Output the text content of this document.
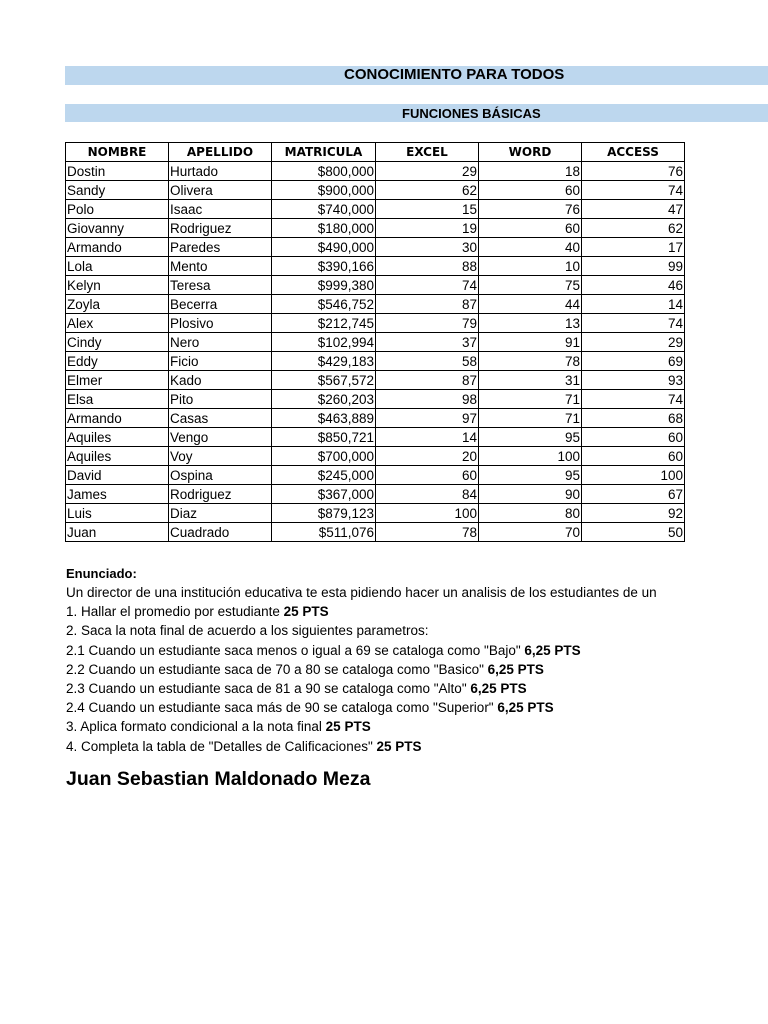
CONOCIMIENTO PARA TODOS
FUNCIONES BÁSICAS
NOMBRE	APELLIDO	MATRICULA	EXCEL	WORD	ACCESS
Dostin	Hurtado	$800,000	29	18	76
Sandy	Olivera	$900,000	62	60	74
Polo	Isaac	$740,000	15	76	47
Giovanny	Rodriguez	$180,000	19	60	62
Armando	Paredes	$490,000	30	40	17
Lola	Mento	$390,166	88	10	99
Kelyn	Teresa	$999,380	74	75	46
Zoyla	Becerra	$546,752	87	44	14
Alex	Plosivo	$212,745	79	13	74
Cindy	Nero	$102,994	37	91	29
Eddy	Ficio	$429,183	58	78	69
Elmer	Kado	$567,572	87	31	93
Elsa	Pito	$260,203	98	71	74
Armando	Casas	$463,889	97	71	68
Aquiles	Vengo	$850,721	14	95	60
Aquiles	Voy	$700,000	20	100	60
David	Ospina	$245,000	60	95	100
James	Rodriguez	$367,000	84	90	67
Luis	Diaz	$879,123	100	80	92
Juan	Cuadrado	$511,076	78	70	50
Enunciado:
Un director de una institución educativa te esta pidiendo hacer un analisis de los estudiantes de un
1. Hallar el promedio por estudiante 25 PTS
2. Saca la nota final de acuerdo a los siguientes parametros:
2.1 Cuando un estudiante saca menos o igual a 69 se cataloga como "Bajo" 6,25 PTS
2.2 Cuando un estudiante saca de 70 a 80 se cataloga como "Basico" 6,25 PTS
2.3 Cuando un estudiante saca de 81 a 90 se cataloga como "Alto" 6,25 PTS
2.4 Cuando un estudiante saca más de 90 se cataloga como "Superior" 6,25 PTS
3. Aplica formato condicional a la nota final 25 PTS
4. Completa la tabla de "Detalles de Calificaciones" 25 PTS
Juan Sebastian Maldonado Meza
